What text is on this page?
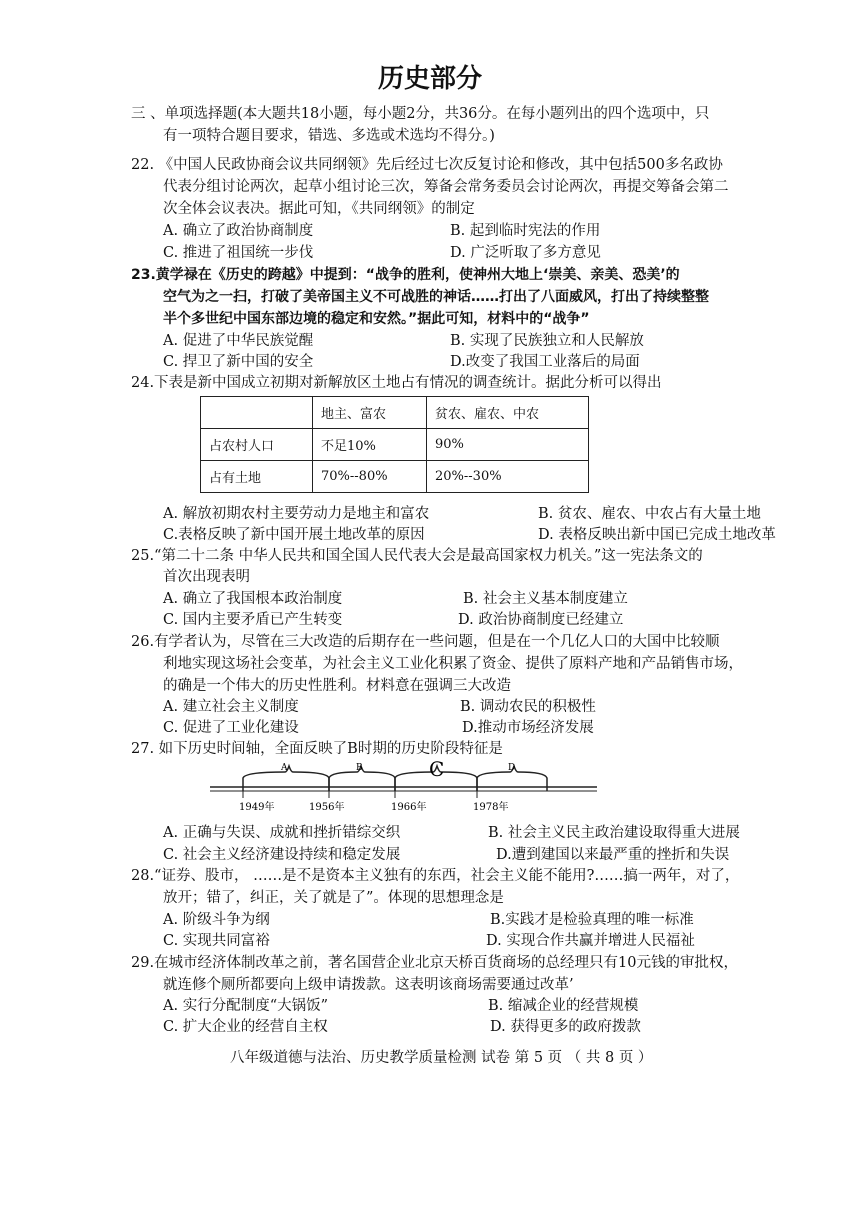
历史部分
三 、单项选择题(本大题共18小题，每小题2分，共36分。在每小题列出的四个选项中，只
有一项特合题目要求，错选、多选或术选均不得分。)
22. 《中国人民政协商会议共同纲领》先后经过七次反复讨论和修改，其中包括500多名政协
代表分组讨论两次，起草小组讨论三次，筹备会常务委员会讨论两次，再提交筹备会第二
次全体会议表决。据此可知，《共同纲领》的制定
A. 确立了政治协商制度	B. 起到临时宪法的作用
C. 推进了祖国统一步伐	D. 广泛听取了多方意见
23.黄学禄在《历史的跨越》中提到：“战争的胜利，使神州大地上‘崇美、亲美、恐美’的
空气为之一扫，打破了美帝国主义不可战胜的神话……打出了八面威风，打出了持续整整
半个多世纪中国东部边境的稳定和安然。”据此可知，材料中的“战争”
A. 促进了中华民族觉醒	B. 实现了民族独立和人民解放
C. 捍卫了新中国的安全	D.改变了我国工业落后的局面
24.下表是新中国成立初期对新解放区土地占有情况的调查统计。据此分析可以得出
	地主、富农	贫农、雇农、中农
占农村人口	不足10%	90%
占有土地	70%--80%	20%--30%
A. 解放初期农村主要劳动力是地主和富农	B. 贫农、雇农、中农占有大量土地
C.表格反映了新中国开展土地改革的原因	D. 表格反映出新中国已完成土地改革
25.“第二十二条 中华人民共和国全国人民代表大会是最高国家权力机关。”这一宪法条文的
首次出现表明
A. 确立了我国根本政治制度	B. 社会主义基本制度建立
C. 国内主要矛盾已产生转变	D. 政治协商制度已经建立
26.有学者认为，尽管在三大改造的后期存在一些问题，但是在一个几亿人口的大国中比较顺
利地实现这场社会变革，为社会主义工业化积累了资金、提供了原料产地和产品销售市场，
的确是一个伟大的历史性胜利。材料意在强调三大改造
A. 建立社会主义制度	B. 调动农民的积极性
C. 促进了工业化建设	D.推动市场经济发展
27. 如下历史时间轴，全面反映了B时期的历史阶段特征是
A	B	C	D
1949年	1956年	1966年	1978年
A. 正确与失误、成就和挫折错综交织	B. 社会主义民主政治建设取得重大进展
C. 社会主义经济建设持续和稳定发展	D.遭到建国以来最严重的挫折和失误
28.“证券、股市， ……是不是资本主义独有的东西，社会主义能不能用?……搞一两年，对了，
放开；错了，纠正，关了就是了”。体现的思想理念是
A. 阶级斗争为纲	B.实践才是检验真理的唯一标准
C. 实现共同富裕	D. 实现合作共赢并增进人民福祉
29.在城市经济体制改革之前，著名国营企业北京天桥百货商场的总经理只有10元钱的审批权，
就连修个厕所都要向上级申请拨款。这表明该商场需要通过改革’
A. 实行分配制度“大锅饭”	B. 缩减企业的经营规模
C. 扩大企业的经营自主权	D. 获得更多的政府拨款
八年级道德与法治、历史教学质量检测 试卷 第 5 页 （ 共 8 页 ）
